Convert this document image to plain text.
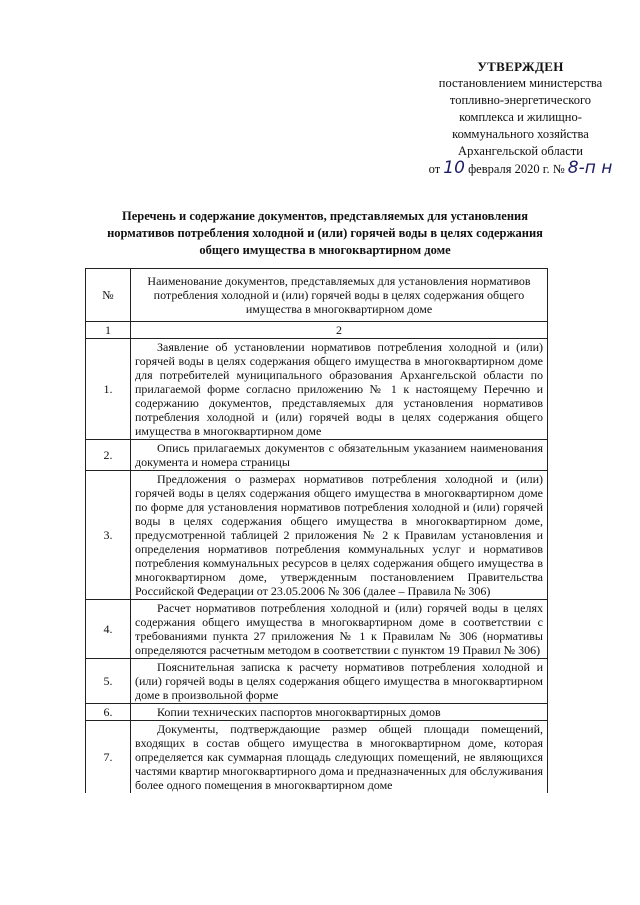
УТВЕРЖДЕН
постановлением министерства
топливно-энергетического
комплекса и жилищно-
коммунального хозяйства
Архангельской области
от 10 февраля 2020 г. № 8-п н
Перечень и содержание документов, представляемых для установления нормативов потребления холодной и (или) горячей воды в целях содержания общего имущества в многоквартирном доме
№	Наименование документов, представляемых для установления нормативов потребления холодной и (или) горячей воды в целях содержания общего имущества в многоквартирном доме
1	2
1.	Заявление об установлении нормативов потребления холодной и (или) горячей воды в целях содержания общего имущества в многоквартирном доме для потребителей муниципального образования Архангельской области по прилагаемой форме согласно приложению № 1 к настоящему Перечню и содержанию документов, представляемых для установления нормативов потребления холодной и (или) горячей воды в целях содержания общего имущества в многоквартирном доме
2.	Опись прилагаемых документов с обязательным указанием наименования документа и номера страницы
3.	Предложения о размерах нормативов потребления холодной и (или) горячей воды в целях содержания общего имущества в многоквартирном доме по форме для установления нормативов потребления холодной и (или) горячей воды в целях содержания общего имущества в многоквартирном доме, предусмотренной таблицей 2 приложения № 2 к Правилам установления и определения нормативов потребления коммунальных услуг и нормативов потребления коммунальных ресурсов в целях содержания общего имущества в многоквартирном доме, утвержденным постановлением Правительства Российской Федерации от 23.05.2006 № 306 (далее – Правила № 306)
4.	Расчет нормативов потребления холодной и (или) горячей воды в целях содержания общего имущества в многоквартирном доме в соответствии с требованиями пункта 27 приложения № 1 к Правилам № 306 (нормативы определяются расчетным методом в соответствии с пунктом 19 Правил № 306)
5.	Пояснительная записка к расчету нормативов потребления холодной и (или) горячей воды в целях содержания общего имущества в многоквартирном доме в произвольной форме
6.	Копии технических паспортов многоквартирных домов
7.	Документы, подтверждающие размер общей площади помещений, входящих в состав общего имущества в многоквартирном доме, которая определяется как суммарная площадь следующих помещений, не являющихся частями квартир многоквартирного дома и предназначенных для обслуживания более одного помещения в многоквартирном доме
